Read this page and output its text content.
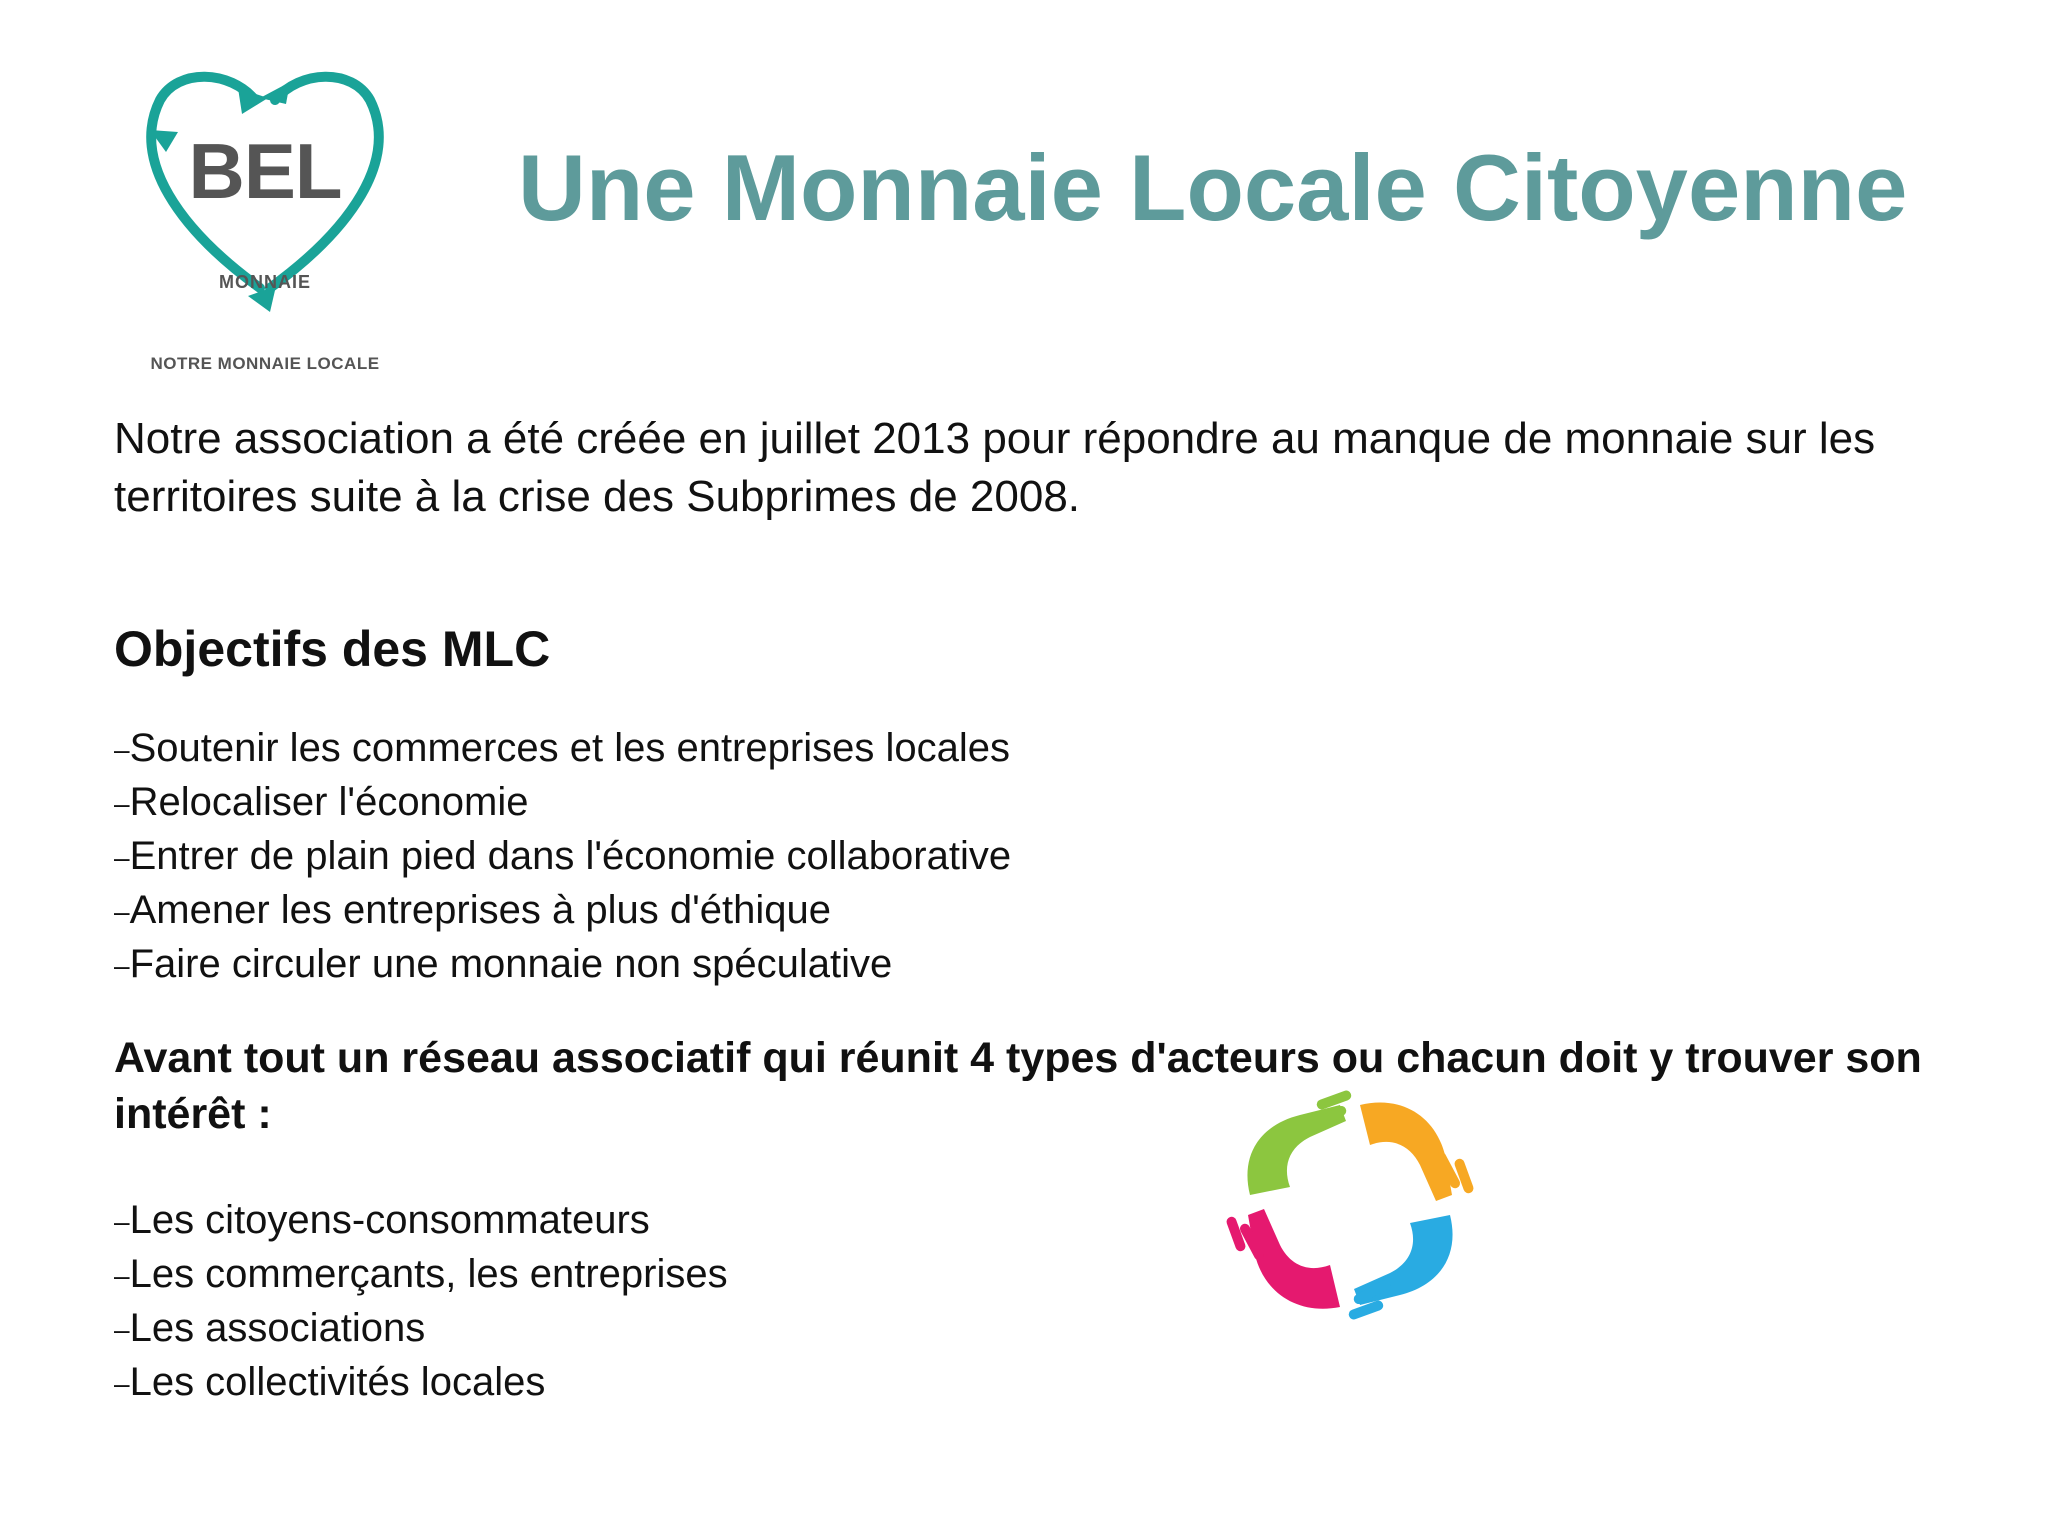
BEL
MONNAIE
NOTRE MONNAIE LOCALE
Une Monnaie Locale Citoyenne
Notre association a été créée en juillet 2013 pour répondre au manque de monnaie sur les territoires suite à la crise des Subprimes de 2008.
Objectifs des MLC
–Soutenir les commerces et les entreprises locales
–Relocaliser l'économie
–Entrer de plain pied dans l'économie collaborative
–Amener les entreprises à plus d'éthique
–Faire circuler une monnaie non spéculative
Avant tout un réseau associatif qui réunit 4 types d'acteurs ou chacun doit y trouver son intérêt :
–Les citoyens-consommateurs
–Les commerçants, les entreprises
–Les associations
–Les collectivités locales
